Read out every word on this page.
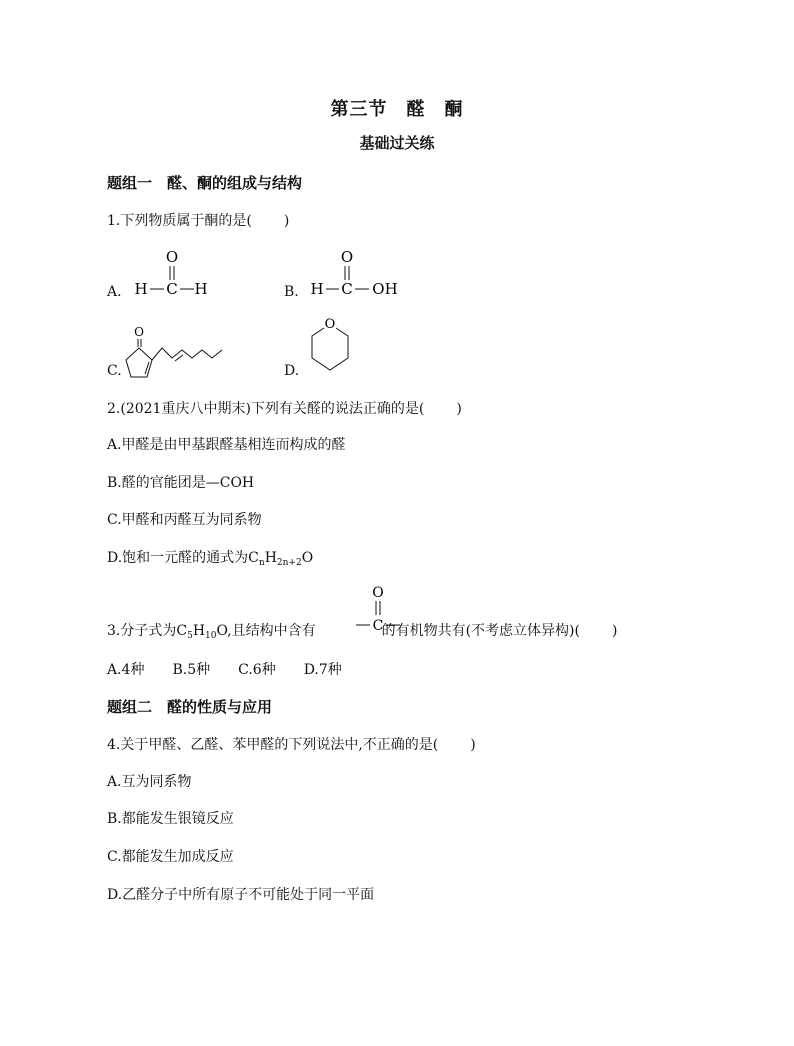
第三节　醛　酮
基础过关练
题组一　醛、酮的组成与结构
1.下列物质属于酮的是( )
A.
O
H C H	B.
O
H C OH
C.
O
D.
O
2.(2021重庆八中期末)下列有关醛的说法正确的是( )
A.甲醛是由甲基跟醛基相连而构成的醛
B.醛的官能团是—COH
C.甲醛和丙醛互为同系物
D.饱和一元醛的通式为$C_nH_{2n+2}O$
3.分子式为$C_5H_{10}O$,且结构中含有	的有机物共有(不考虑立体异构)( )
O
C
A.4种 B.5种 C.6种 D.7种
题组二　醛的性质与应用
4.关于甲醛、乙醛、苯甲醛的下列说法中,不正确的是( )
A.互为同系物
B.都能发生银镜反应
C.都能发生加成反应
D.乙醛分子中所有原子不可能处于同一平面
